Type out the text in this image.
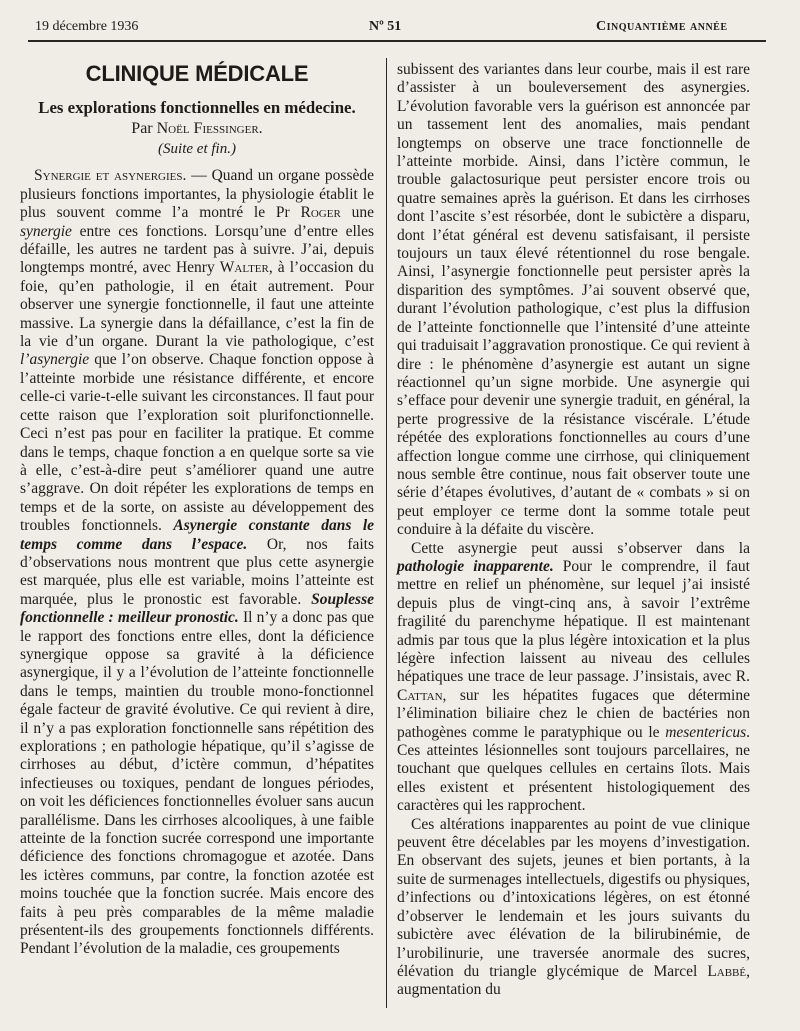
19 décembre 1936	Nº 51	Cinquantième année
CLINIQUE MÉDICALE
Les explorations fonctionnelles en médecine.
Par Noël Fiessinger.
(Suite et fin.)

Synergie et asynergies. — Quand un organe possède plusieurs fonctions importantes, la physiologie établit le plus souvent comme l’a montré le Pr Roger une synergie entre ces fonctions. Lorsqu’une d’entre elles défaille, les autres ne tardent pas à suivre. J’ai, depuis longtemps montré, avec Henry Walter, à l’occasion du foie, qu’en pathologie, il en était autrement. Pour observer une synergie fonctionnelle, il faut une atteinte massive. La synergie dans la défaillance, c’est la fin de la vie d’un organe. Durant la vie pathologique, c’est l’asynergie que l’on observe. Chaque fonction oppose à l’atteinte morbide une résistance différente, et encore celle-ci varie-t-elle suivant les circonstances. Il faut pour cette raison que l’exploration soit plurifonctionnelle. Ceci n’est pas pour en faciliter la pratique. Et comme dans le temps, chaque fonction a en quelque sorte sa vie à elle, c’est-à-dire peut s’améliorer quand une autre s’aggrave. On doit répéter les explorations de temps en temps et de la sorte, on assiste au développement des troubles fonctionnels. Asynergie constante dans le temps comme dans l’espace. Or, nos faits d’observations nous montrent que plus cette asynergie est marquée, plus elle est variable, moins l’atteinte est marquée, plus le pronostic est favorable. Souplesse fonctionnelle : meilleur pronostic. Il n’y a donc pas que le rapport des fonctions entre elles, dont la déficience synergique oppose sa gravité à la déficience asynergique, il y a l’évolution de l’atteinte fonctionnelle dans le temps, maintien du trouble mono-fonctionnel égale facteur de gravité évolutive. Ce qui revient à dire, il n’y a pas exploration fonctionnelle sans répétition des explorations ; en pathologie hépatique, qu’il s’agisse de cirrhoses au début, d’ictère commun, d’hépatites infectieuses ou toxiques, pendant de longues périodes, on voit les déficiences fonctionnelles évoluer sans aucun parallélisme. Dans les cirrhoses alcooliques, à une faible atteinte de la fonction sucrée correspond une importante déficience des fonctions chromagogue et azotée. Dans les ictères communs, par contre, la fonction azotée est moins touchée que la fonction sucrée. Mais encore des faits à peu près comparables de la même maladie présentent-ils des groupements fonctionnels différents. Pendant l’évolution de la maladie, ces groupements

subissent des variantes dans leur courbe, mais il est rare d’assister à un bouleversement des asynergies. L’évolution favorable vers la guérison est annoncée par un tassement lent des anomalies, mais pendant longtemps on observe une trace fonctionnelle de l’atteinte morbide. Ainsi, dans l’ictère commun, le trouble galactosurique peut persister encore trois ou quatre semaines après la guérison. Et dans les cirrhoses dont l’ascite s’est résorbée, dont le subictère a disparu, dont l’état général est devenu satisfaisant, il persiste toujours un taux élevé rétentionnel du rose bengale. Ainsi, l’asynergie fonctionnelle peut persister après la disparition des symptômes. J’ai souvent observé que, durant l’évolution pathologique, c’est plus la diffusion de l’atteinte fonctionnelle que l’intensité d’une atteinte qui traduisait l’aggravation pronostique. Ce qui revient à dire : le phénomène d’asynergie est autant un signe réactionnel qu’un signe morbide. Une asynergie qui s’efface pour devenir une synergie traduit, en général, la perte progressive de la résistance viscérale. L’étude répétée des explorations fonctionnelles au cours d’une affection longue comme une cirrhose, qui cliniquement nous semble être continue, nous fait observer toute une série d’étapes évolutives, d’autant de « combats » si on peut employer ce terme dont la somme totale peut conduire à la défaite du viscère.

Cette asynergie peut aussi s’observer dans la pathologie inapparente. Pour le comprendre, il faut mettre en relief un phénomène, sur lequel j’ai insisté depuis plus de vingt-cinq ans, à savoir l’extrême fragilité du parenchyme hépatique. Il est maintenant admis par tous que la plus légère intoxication et la plus légère infection laissent au niveau des cellules hépatiques une trace de leur passage. J’insistais, avec R. Cattan, sur les hépatites fugaces que détermine l’élimination biliaire chez le chien de bactéries non pathogènes comme le paratyphique ou le mesentericus. Ces atteintes lésionnelles sont toujours parcellaires, ne touchant que quelques cellules en certains îlots. Mais elles existent et présentent histologiquement des caractères qui les rapprochent.

Ces altérations inapparentes au point de vue clinique peuvent être décelables par les moyens d’investigation. En observant des sujets, jeunes et bien portants, à la suite de surmenages intellectuels, digestifs ou physiques, d’infections ou d’intoxications légères, on est étonné d’observer le lendemain et les jours suivants du subictère avec élévation de la bilirubinémie, de l’urobilinurie, une traversée anormale des sucres, élévation du triangle glycémique de Marcel Labbé, augmentation du
